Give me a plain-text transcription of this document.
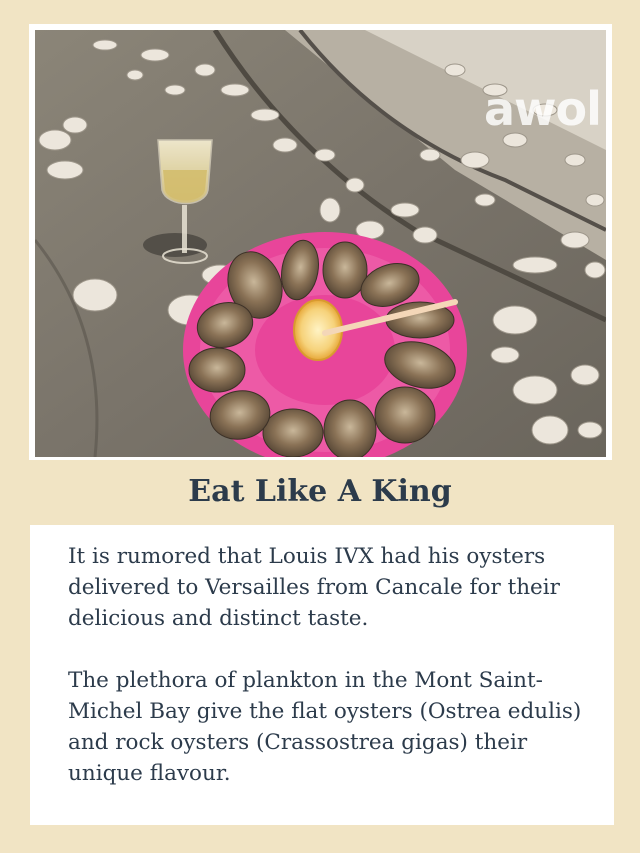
awol
Eat Like A King

It is rumored that Louis IVX had his oysters delivered to Versailles from Cancale for their delicious and distinct taste.

The plethora of plankton in the Mont Saint-Michel Bay give the flat oysters (Ostrea edulis) and rock oysters (Crassostrea gigas) their unique flavour.
